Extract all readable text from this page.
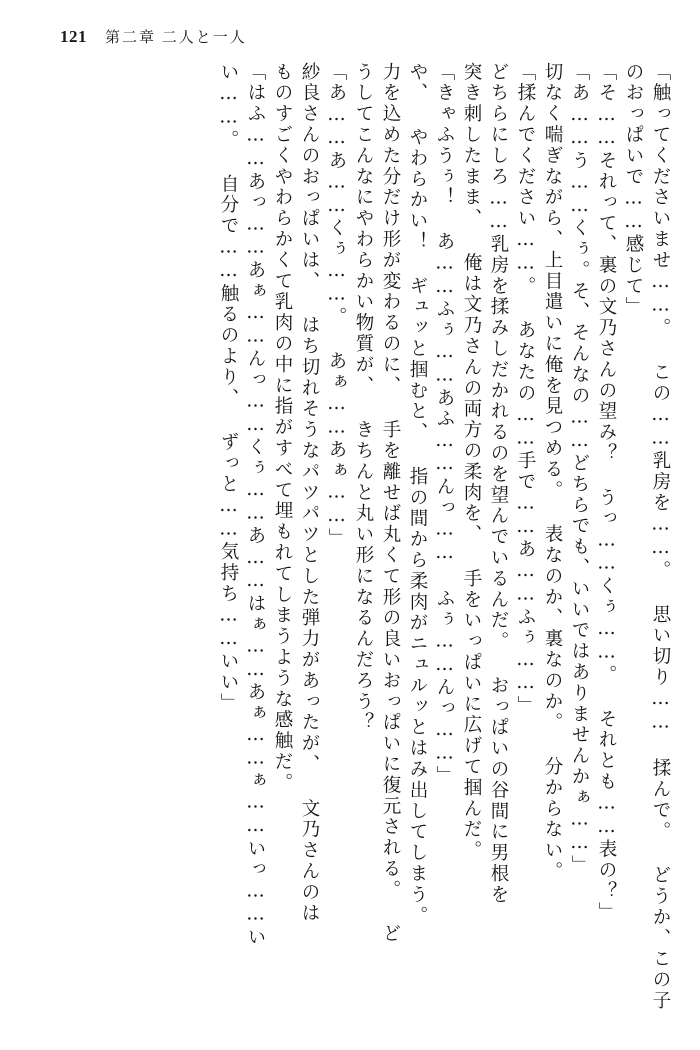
121 第二章 二人と一人
「触ってくださいませ……。 この……乳房を……。 思い切り…… 揉んで。 どうか、この子
のおっぱいで……感じて」
「そ……それって、裏の文乃さんの望み？ うっ……くぅ……。 それとも……表の？」
「あ……う……くぅ。そ、そんなの……どちらでも、いいではありませんかぁ……」
切なく喘ぎながら、上目遣いに俺を見つめる。 表なのか、裏なのか。 分からない。
「揉んでください……。 あなたの……手で……あ……ふぅ……」
どちらにしろ……乳房を揉みしだかれるのを望んでいるんだ。 おっぱいの谷間に男根を
突き刺したまま、 俺は文乃さんの両方の柔肉を、 手をいっぱいに広げて掴んだ。
「きゃふうぅ！ あ……ふぅ……あふ……んっ…… ふぅ……んっ……」
や、 やわらかい！ ギュッと掴むと、 指の間から柔肉がニュルッとはみ出してしまう。
力を込めた分だけ形が変わるのに、 手を離せば丸くて形の良いおっぱいに復元される。 ど
うしてこんなにやわらかい物質が、 きちんと丸い形になるんだろう？
「あ……あ……くぅ……。 あぁ……あぁ……」
紗良さんのおっぱいは、 はち切れそうなパツパツとした弾力があったが、 文乃さんのは
ものすごくやわらかくて乳肉の中に指がすべて埋もれてしまうような感触だ。
「はふ……あっ……あぁ……んっ……くぅ……あ……はぁ……あぁ……ぁ……いっ……い
い……。 自分で……触るのより、 ずっと……気持ち……いい」
